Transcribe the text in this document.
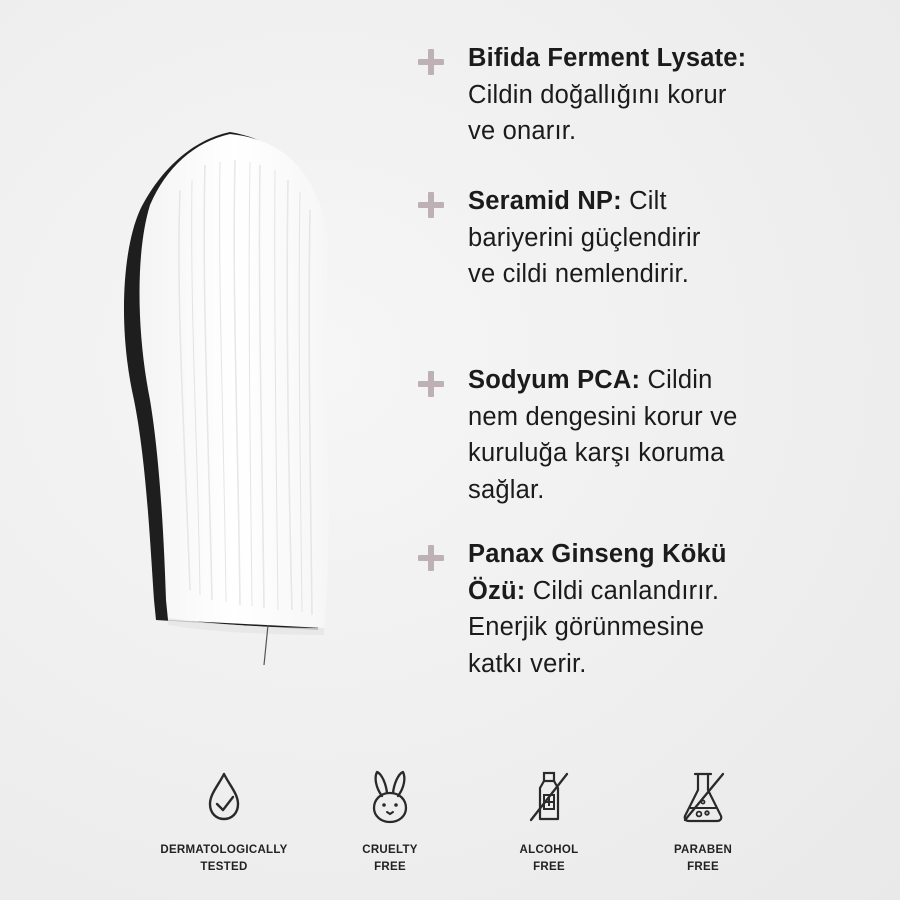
Bifida Ferment Lysate:
Cildin doğallığını korur
ve onarır.
Seramid NP: Cilt
bariyerini güçlendirir
ve cildi nemlendirir.
Sodyum PCA: Cildin
nem dengesini korur ve
kuruluğa karşı koruma
sağlar.
Panax Ginseng Kökü
Özü: Cildi canlandırır.
Enerjik görünmesine
katkı verir.
DERMATOLOGICALLY
TESTED
CRUELTY
FREE
ALCOHOL
FREE
PARABEN
FREE
